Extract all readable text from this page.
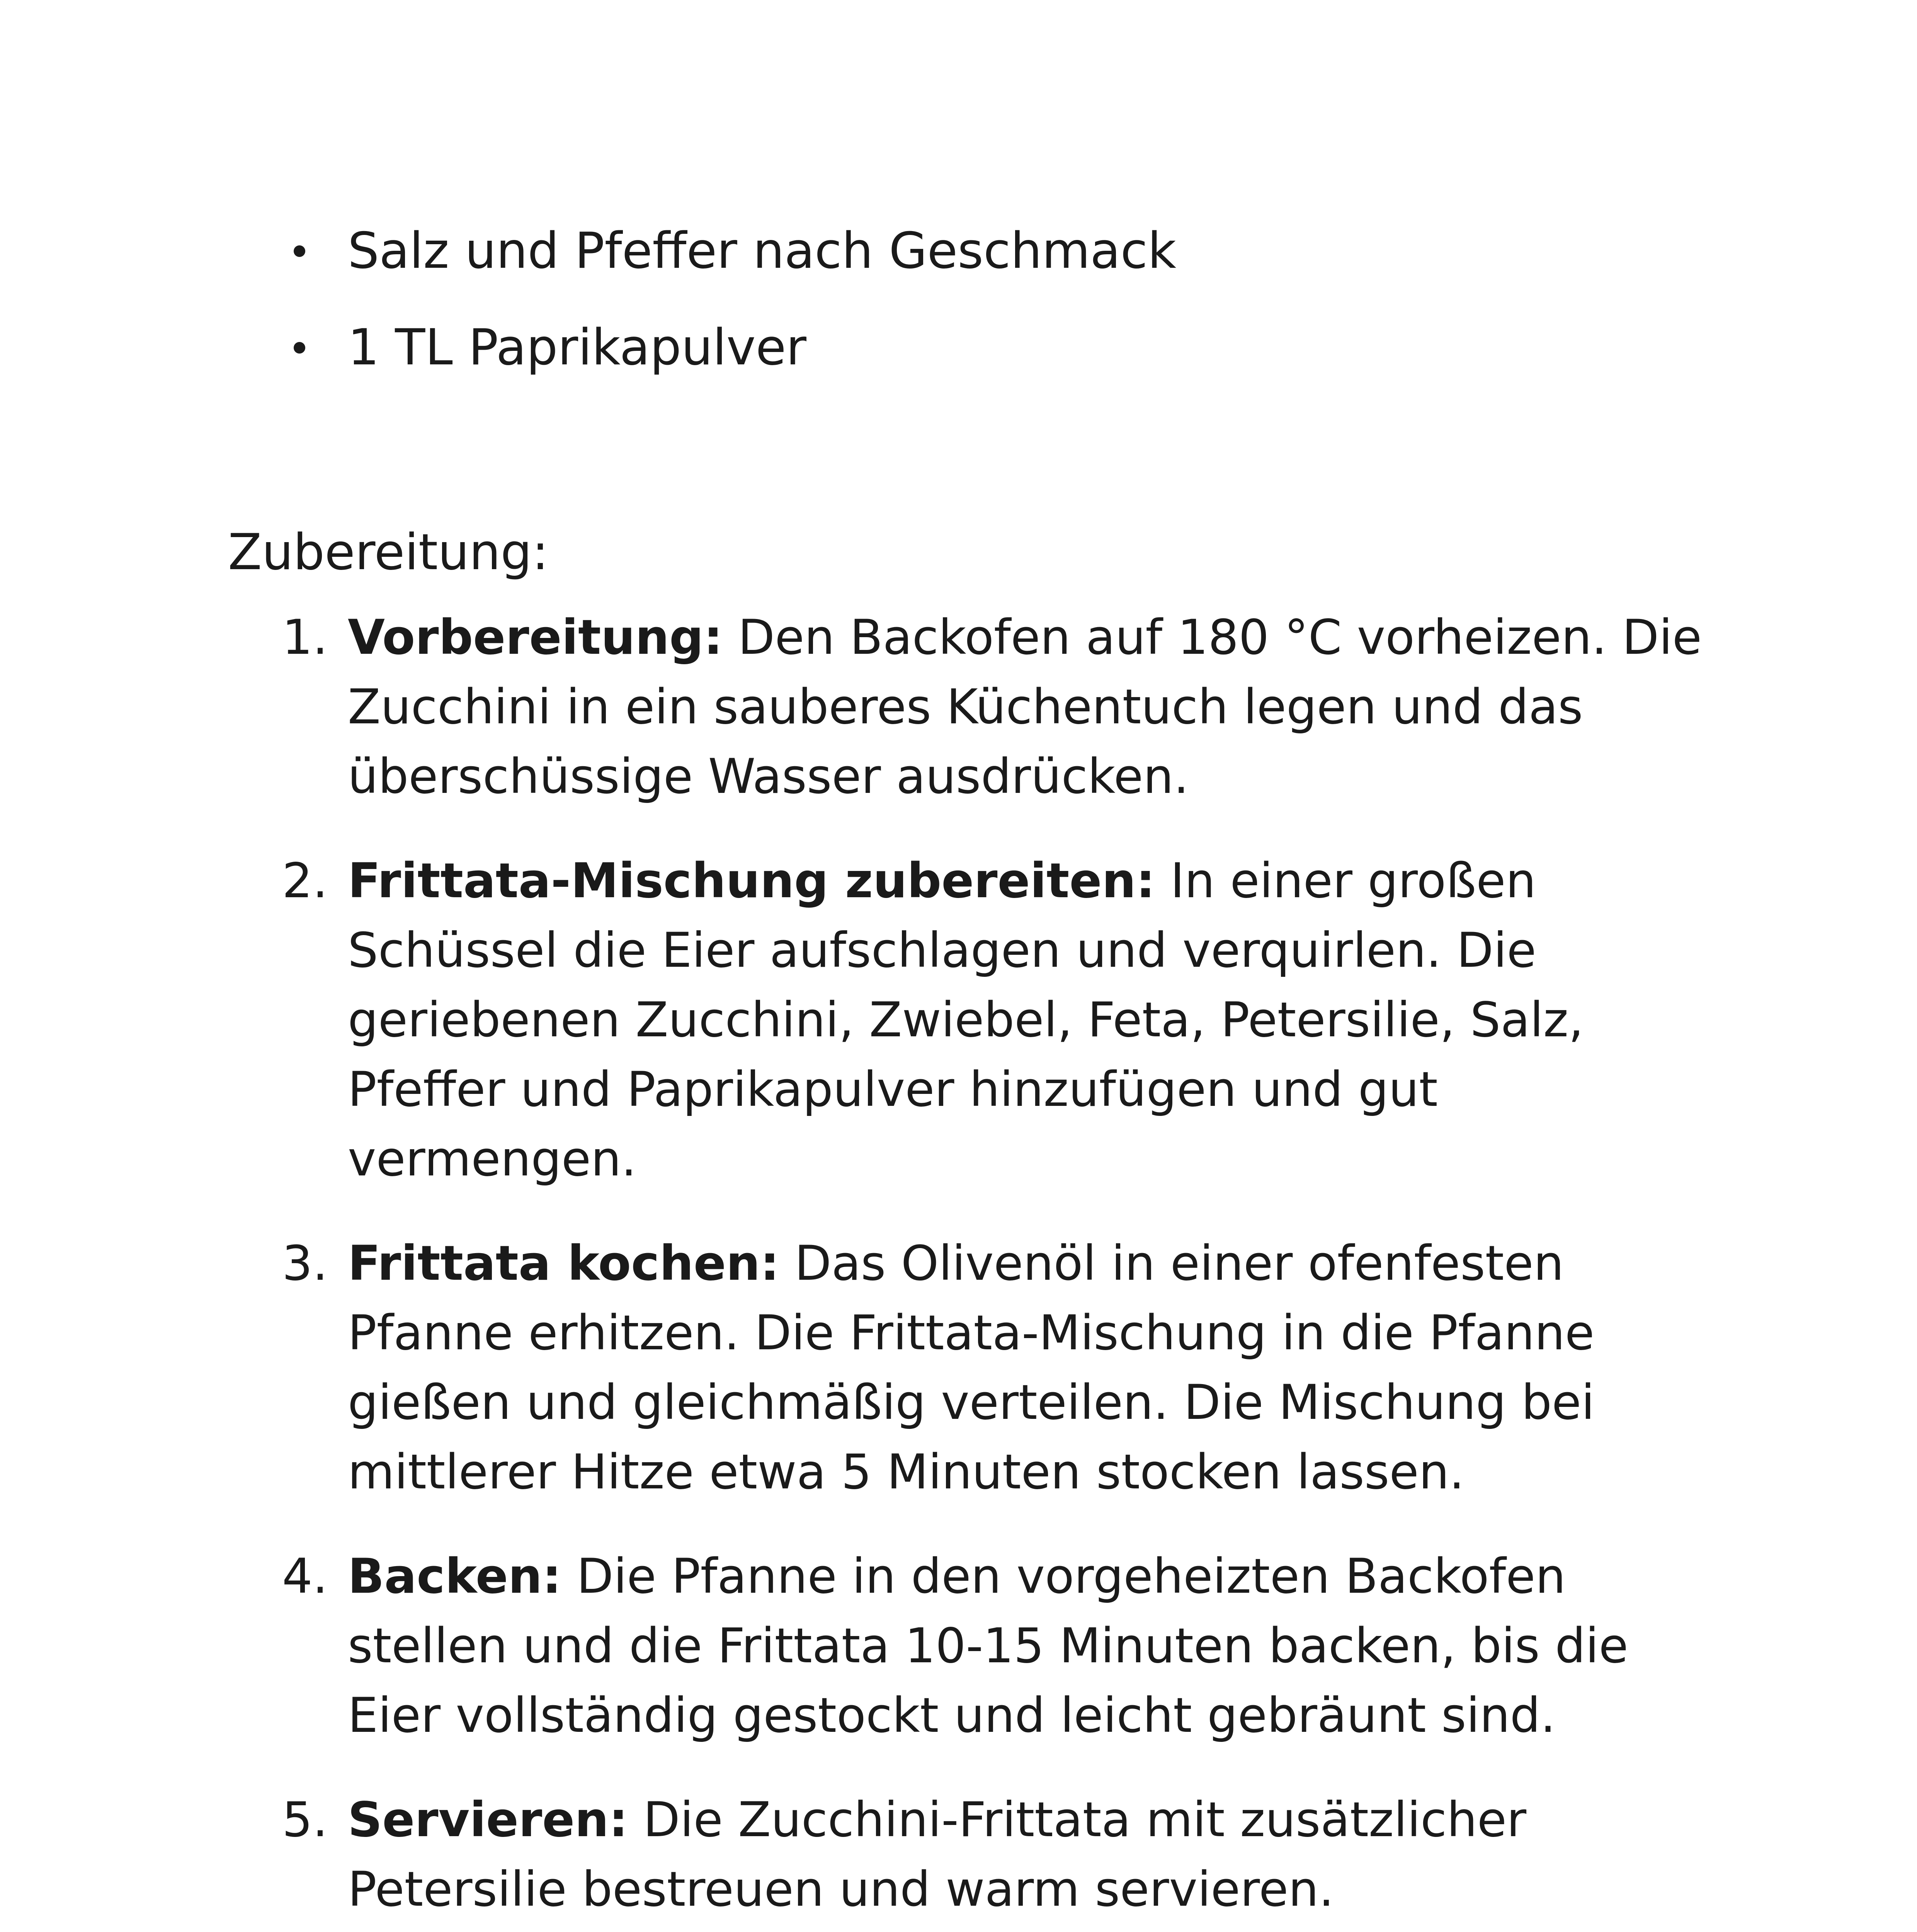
Salz und Pfeffer nach Geschmack
1 TL Paprikapulver
Zubereitung:
1. Vorbereitung: Den Backofen auf 180 °C vorheizen. Die Zucchini in ein sauberes Küchentuch legen und das überschüssige Wasser ausdrücken.
2. Frittata-Mischung zubereiten: In einer großen Schüssel die Eier aufschlagen und verquirlen. Die geriebenen Zucchini, Zwiebel, Feta, Petersilie, Salz, Pfeffer und Paprikapulver hinzufügen und gut vermengen.
3. Frittata kochen: Das Olivenöl in einer ofenfesten Pfanne erhitzen. Die Frittata-Mischung in die Pfanne gießen und gleichmäßig verteilen. Die Mischung bei mittlerer Hitze etwa 5 Minuten stocken lassen.
4. Backen: Die Pfanne in den vorgeheizten Backofen stellen und die Frittata 10-15 Minuten backen, bis die Eier vollständig gestockt und leicht gebräunt sind.
5. Servieren: Die Zucchini-Frittata mit zusätzlicher Petersilie bestreuen und warm servieren.
